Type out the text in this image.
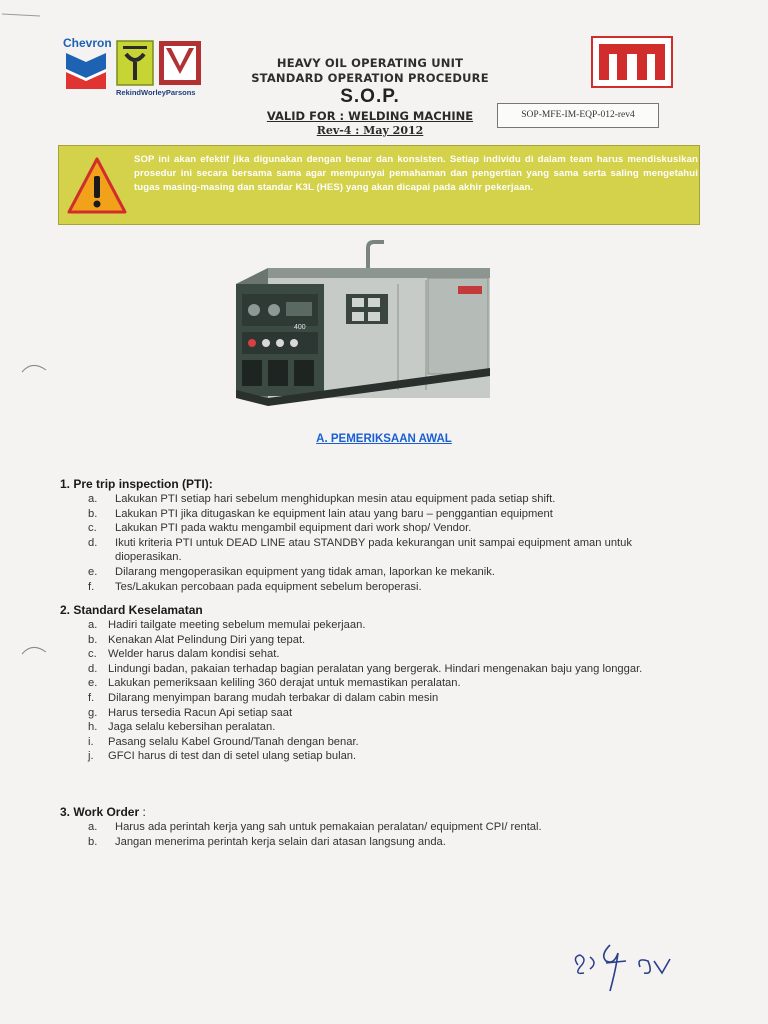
Chevron
RekindWorleyParsons
HEAVY OIL OPERATING UNIT
STANDARD OPERATION PROCEDURE
S.O.P.
VALID FOR : WELDING MACHINE
Rev-4 : May 2012
SOP-MFE-IM-EQP-012-rev4
SOP ini akan efektif jika digunakan dengan benar dan konsisten. Setiap individu di dalam team harus mendiskusikan prosedur ini secara bersama sama agar mempunyai pemahaman dan pengertian yang sama serta saling mengetahui tugas masing-masing dan standar K3L (HES) yang akan dicapai pada akhir pekerjaan.
400
A. PEMERIKSAAN AWAL
1. Pre trip inspection (PTI):
a.	Lakukan PTI setiap hari sebelum menghidupkan mesin atau equipment pada setiap shift.
b.	Lakukan PTI jika ditugaskan ke equipment lain atau yang baru – penggantian equipment
c.	Lakukan PTI pada waktu mengambil equipment dari work shop/ Vendor.
d.	Ikuti kriteria PTI untuk DEAD LINE atau STANDBY pada kekurangan unit sampai equipment aman untuk dioperasikan.
e.	Dilarang mengoperasikan equipment yang tidak aman, laporkan ke mekanik.
f.	Tes/Lakukan percobaan pada equipment sebelum beroperasi.
2. Standard Keselamatan
a. Hadiri tailgate meeting sebelum memulai pekerjaan.
b. Kenakan Alat Pelindung Diri yang tepat.
c.	Welder harus dalam kondisi sehat.
d. Lindungi badan, pakaian terhadap bagian peralatan yang bergerak. Hindari mengenakan baju yang longgar.
e. Lakukan pemeriksaan keliling 360 derajat untuk memastikan peralatan.
f.	Dilarang menyimpan barang mudah terbakar di dalam cabin mesin
g. Harus tersedia Racun Api setiap saat
h. Jaga selalu kebersihan peralatan.
i.	Pasang selalu Kabel Ground/Tanah dengan benar.
j.	GFCI harus di test dan di setel ulang setiap bulan.
3. Work Order :
a.	Harus ada perintah kerja yang sah untuk pemakaian peralatan/ equipment CPI/ rental.
b.	Jangan menerima perintah kerja selain dari atasan langsung anda.
